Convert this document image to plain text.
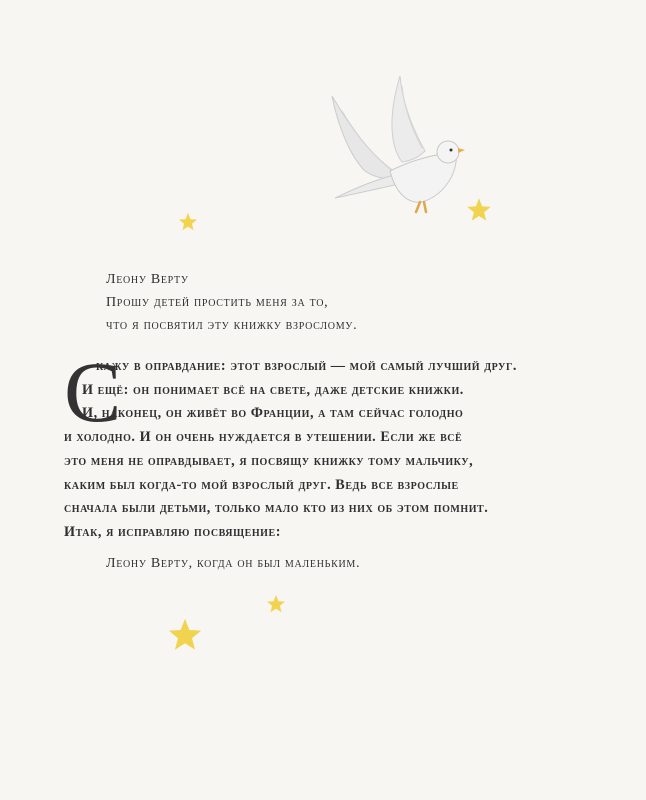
Леону Верту
Прошу детей простить меня за то,
что я посвятил эту книжку взрослому.
С
кажу в оправдание: этот взрослый — мой самый лучший друг.
И ещё: он понимает всё на свете, даже детские книжки.
И, наконец, он живёт во Франции, а там сейчас голодно
и холодно. И он очень нуждается в утешении. Если же всё
это меня не оправдывает, я посвящу книжку тому мальчику,
каким был когда-то мой взрослый друг. Ведь все взрослые
сначала были детьми, только мало кто из них об этом помнит.
Итак, я исправляю посвящение:
Леону Верту, когда он был маленьким.
